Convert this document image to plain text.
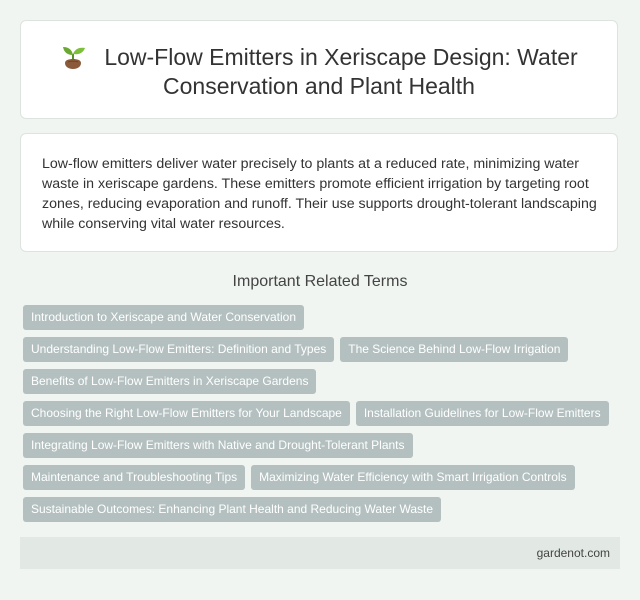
Low-Flow Emitters in Xeriscape Design: Water Conservation and Plant Health

Low-flow emitters deliver water precisely to plants at a reduced rate, minimizing water waste in xeriscape gardens. These emitters promote efficient irrigation by targeting root zones, reducing evaporation and runoff. Their use supports drought-tolerant landscaping while conserving vital water resources.

Important Related Terms
Introduction to Xeriscape and Water Conservation
Understanding Low-Flow Emitters: Definition and Types The Science Behind Low-Flow Irrigation
Benefits of Low-Flow Emitters in Xeriscape Gardens
Choosing the Right Low-Flow Emitters for Your Landscape Installation Guidelines for Low-Flow Emitters
Integrating Low-Flow Emitters with Native and Drought-Tolerant Plants
Maintenance and Troubleshooting Tips Maximizing Water Efficiency with Smart Irrigation Controls
Sustainable Outcomes: Enhancing Plant Health and Reducing Water Waste
gardenot.com
